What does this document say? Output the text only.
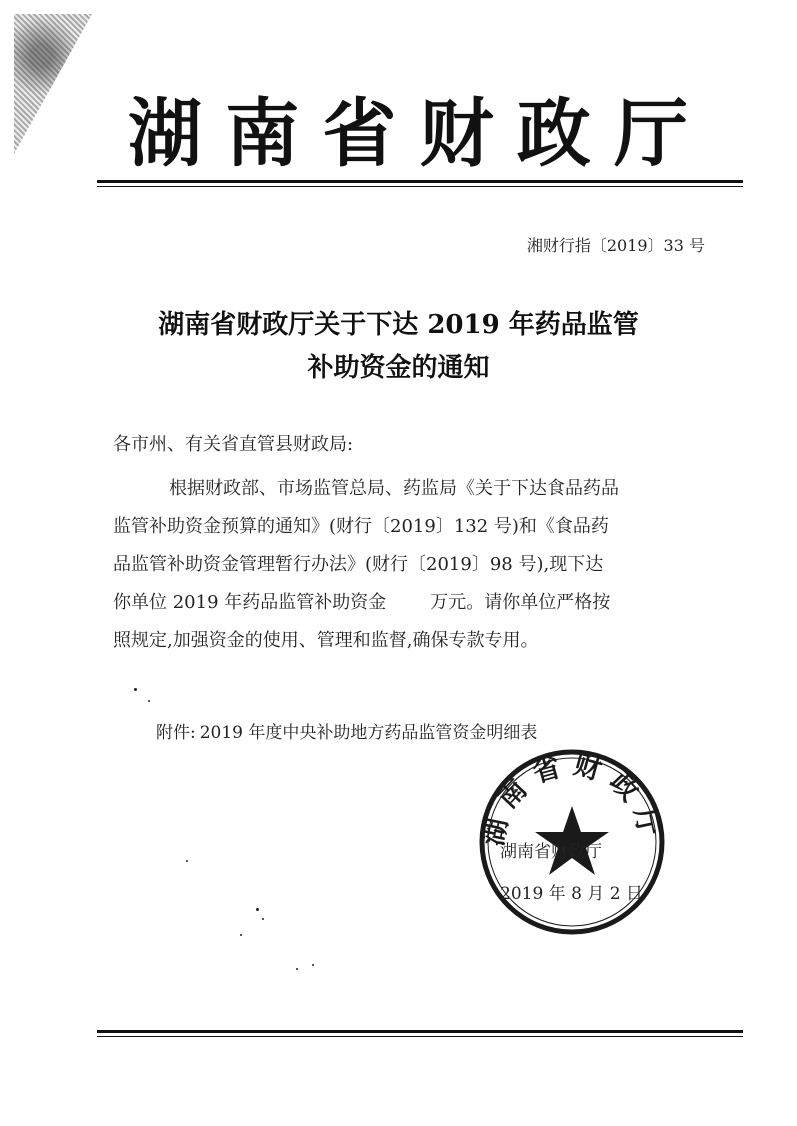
湖 南 省 财 政 厅
湘财行指〔2019〕33 号
湖南省财政厅关于下达 2019 年药品监管
补助资金的通知
各市州、有关省直管县财政局:
根据财政部、市场监管总局、药监局《关于下达食品药品
监管补助资金预算的通知》(财行〔2019〕132 号)和《食品药
品监管补助资金管理暂行办法》(财行〔2019〕98 号),现下达
你单位 2019 年药品监管补助资金 万元。请你单位严格按
照规定,加强资金的使用、管理和监督,确保专款专用。
附件: 2019 年度中央补助地方药品监管资金明细表
湖南省财政厅
湖南省财政厅
2019 年 8 月 2 日
